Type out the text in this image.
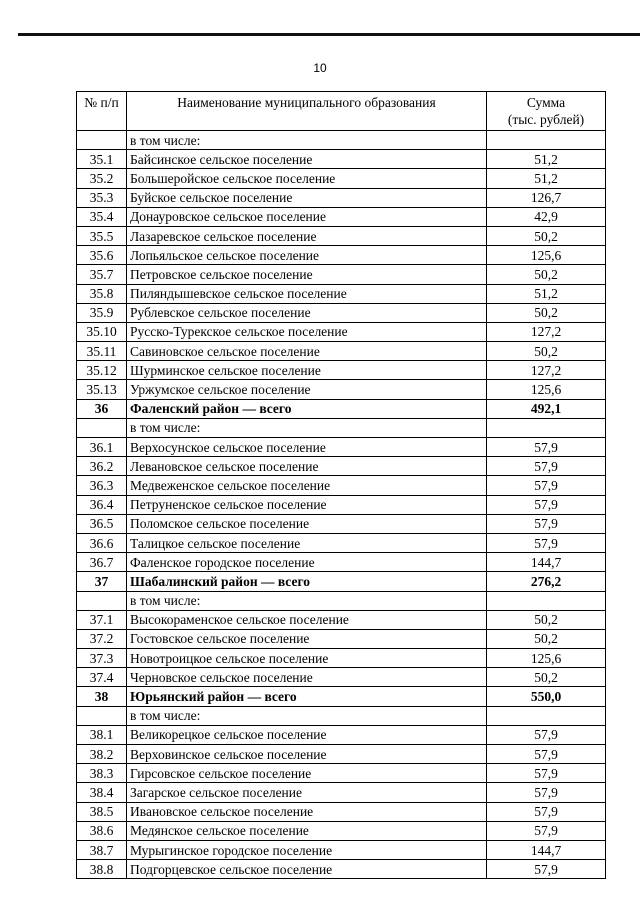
10
№ п/п	Наименование муниципального образования	Сумма
(тыс. рублей)

	в том числе:	
35.1	Байсинское сельское поселение	51,2
35.2	Большеройское сельское поселение	51,2
35.3	Буйское сельское поселение	126,7
35.4	Донауровское сельское поселение	42,9
35.5	Лазаревское сельское поселение	50,2
35.6	Лопьяльское сельское поселение	125,6
35.7	Петровское сельское поселение	50,2
35.8	Пиляндышевское сельское поселение	51,2
35.9	Рублевское сельское поселение	50,2
35.10	Русско-Турекское сельское поселение	127,2
35.11	Савиновское сельское поселение	50,2
35.12	Шурминское сельское поселение	127,2
35.13	Уржумское сельское поселение	125,6
36	Фаленский район — всего	492,1
	в том числе:	
36.1	Верхосунское сельское поселение	57,9
36.2	Левановское сельское поселение	57,9
36.3	Медвеженское сельское поселение	57,9
36.4	Петруненское сельское поселение	57,9
36.5	Поломское сельское поселение	57,9
36.6	Талицкое сельское поселение	57,9
36.7	Фаленское городское поселение	144,7
37	Шабалинский район — всего	276,2
	в том числе:	
37.1	Высокораменское сельское поселение	50,2
37.2	Гостовское сельское поселение	50,2
37.3	Новотроицкое сельское поселение	125,6
37.4	Черновское сельское поселение	50,2
38	Юрьянский район — всего	550,0
	в том числе:	
38.1	Великорецкое сельское поселение	57,9
38.2	Верховинское сельское поселение	57,9
38.3	Гирсовское сельское поселение	57,9
38.4	Загарское сельское поселение	57,9
38.5	Ивановское сельское поселение	57,9
38.6	Медянское сельское поселение	57,9
38.7	Мурыгинское городское поселение	144,7
38.8	Подгорцевское сельское поселение	57,9
